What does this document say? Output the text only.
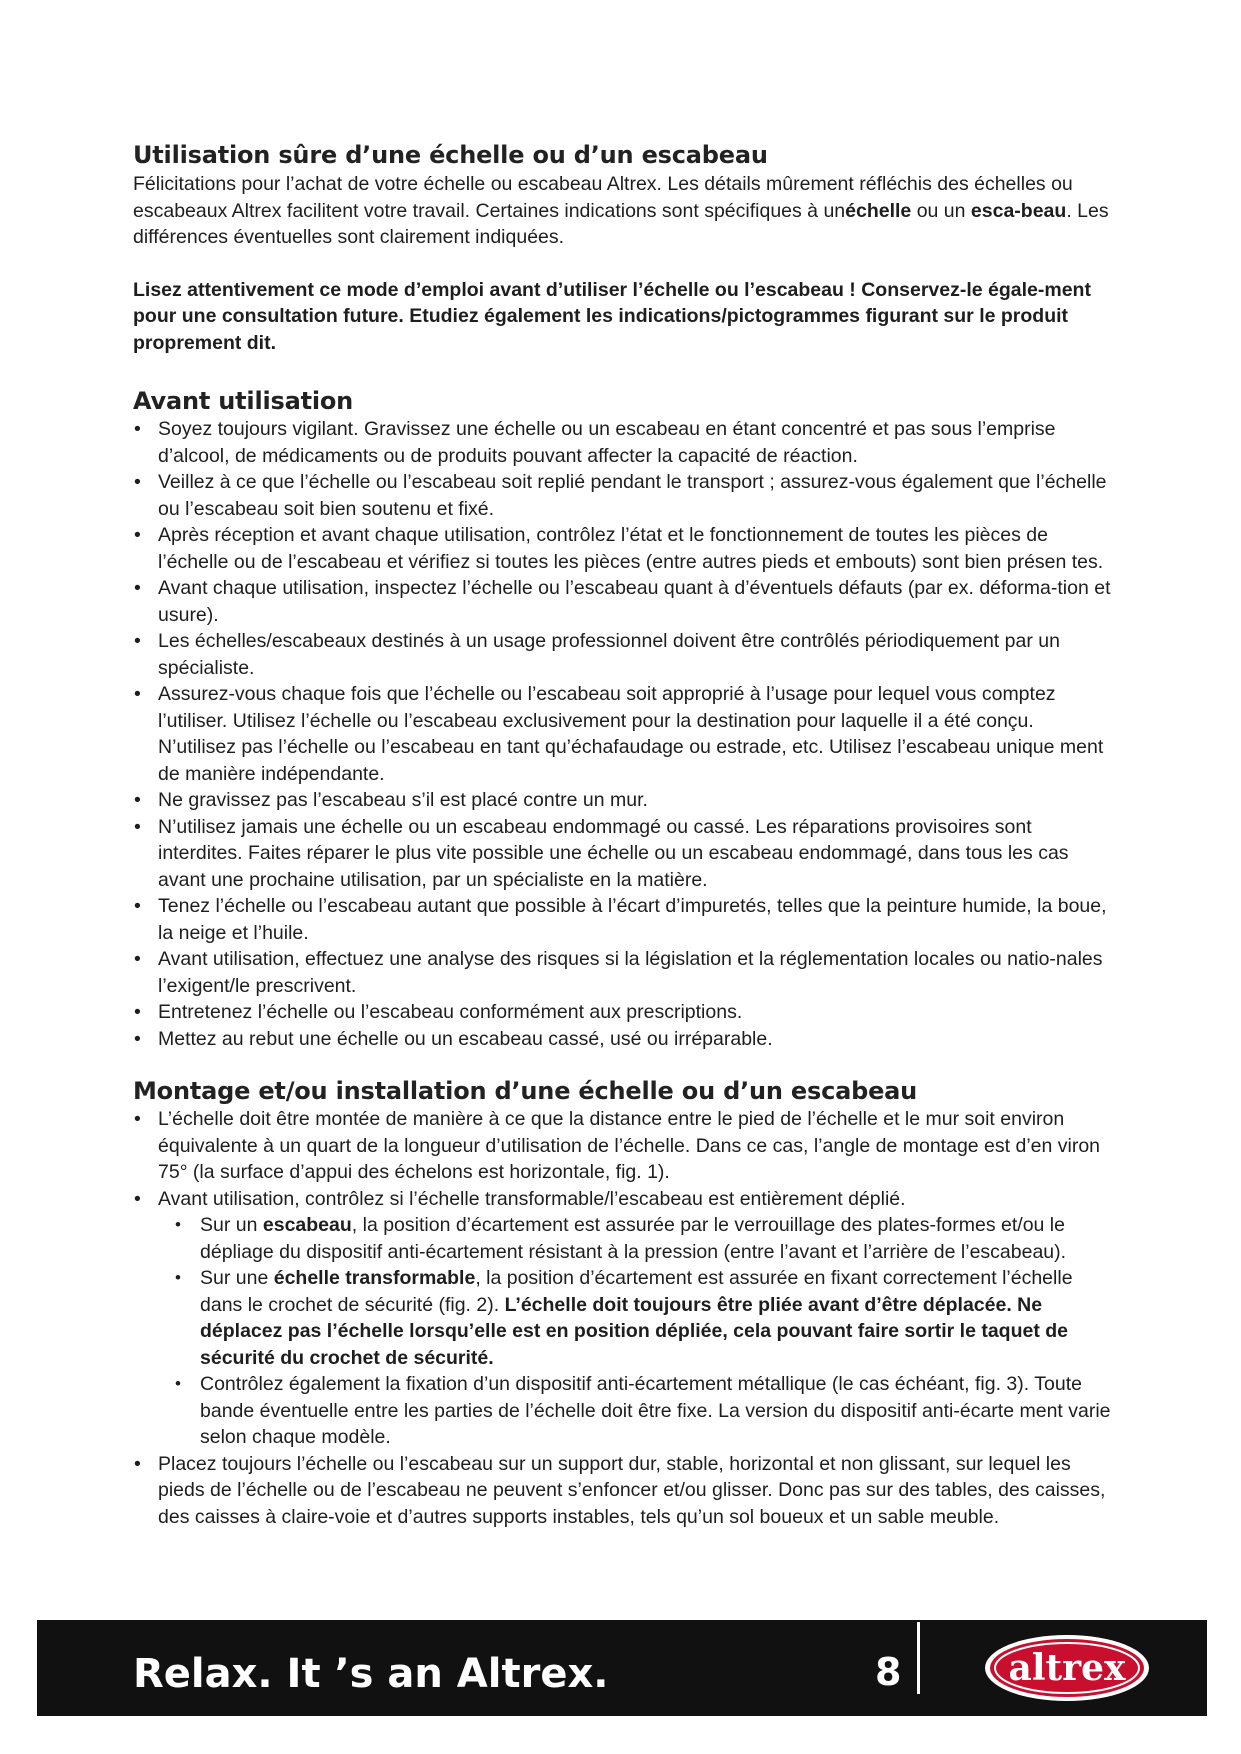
Utilisation sûre d’une échelle ou d’un escabeau

Félicitations pour l’achat de votre échelle ou escabeau Altrex. Les détails mûrement réfléchis des échelles ou escabeaux Altrex facilitent votre travail. Certaines indications sont spécifiques à unéchelle ou un esca-beau. Les différences éventuelles sont clairement indiquées.

Lisez attentivement ce mode d’emploi avant d’utiliser l’échelle ou l’escabeau ! Conservez-le égale-ment pour une consultation future. Etudiez également les indications/pictogrammes figurant sur le produit proprement dit.

Avant utilisation
• Soyez toujours vigilant. Gravissez une échelle ou un escabeau en étant concentré et pas sous l’emprise d’alcool, de médicaments ou de produits pouvant affecter la capacité de réaction.
• Veillez à ce que l’échelle ou l’escabeau soit replié pendant le transport ; assurez-vous également que l’échelle ou l’escabeau soit bien soutenu et fixé.
• Après réception et avant chaque utilisation, contrôlez l’état et le fonctionnement de toutes les pièces de l’échelle ou de l’escabeau et vérifiez si toutes les pièces (entre autres pieds et embouts) sont bien présen tes.
• Avant chaque utilisation, inspectez l’échelle ou l’escabeau quant à d’éventuels défauts (par ex. déforma-tion et usure).
• Les échelles/escabeaux destinés à un usage professionnel doivent être contrôlés périodiquement par un spécialiste.
• Assurez-vous chaque fois que l’échelle ou l’escabeau soit approprié à l’usage pour lequel vous comptez l’utiliser. Utilisez l’échelle ou l’escabeau exclusivement pour la destination pour laquelle il a été conçu. N’utilisez pas l’échelle ou l’escabeau en tant qu’échafaudage ou estrade, etc. Utilisez l’escabeau unique ment de manière indépendante.
• Ne gravissez pas l’escabeau s’il est placé contre un mur.
• N’utilisez jamais une échelle ou un escabeau endommagé ou cassé. Les réparations provisoires sont interdites. Faites réparer le plus vite possible une échelle ou un escabeau endommagé, dans tous les cas avant une prochaine utilisation, par un spécialiste en la matière.
• Tenez l’échelle ou l’escabeau autant que possible à l’écart d’impuretés, telles que la peinture humide, la boue, la neige et l’huile.
• Avant utilisation, effectuez une analyse des risques si la législation et la réglementation locales ou natio-nales l’exigent/le prescrivent.
• Entretenez l’échelle ou l’escabeau conformément aux prescriptions.
• Mettez au rebut une échelle ou un escabeau cassé, usé ou irréparable.
Montage et/ou installation d’une échelle ou d’un escabeau
• L’échelle doit être montée de manière à ce que la distance entre le pied de l’échelle et le mur soit environ équivalente à un quart de la longueur d’utilisation de l’échelle. Dans ce cas, l’angle de montage est d’en viron 75° (la surface d’appui des échelons est horizontale, fig. 1).
• Avant utilisation, contrôlez si l’échelle transformable/l’escabeau est entièrement déplié.
• Sur un escabeau, la position d’écartement est assurée par le verrouillage des plates-formes et/ou le dépliage du dispositif anti-écartement résistant à la pression (entre l’avant et l’arrière de l’escabeau).
• Sur une échelle transformable, la position d’écartement est assurée en fixant correctement l’échelle dans le crochet de sécurité (fig. 2). L’échelle doit toujours être pliée avant d’être déplacée. Ne déplacez pas l’échelle lorsqu’elle est en position dépliée, cela pouvant faire sortir le taquet de sécurité du crochet de sécurité.
• Contrôlez également la fixation d’un dispositif anti-écartement métallique (le cas échéant, fig. 3). Toute bande éventuelle entre les parties de l’échelle doit être fixe. La version du dispositif anti-écarte ment varie selon chaque modèle.
• Placez toujours l’échelle ou l’escabeau sur un support dur, stable, horizontal et non glissant, sur lequel les pieds de l’échelle ou de l’escabeau ne peuvent s’enfoncer et/ou glisser. Donc pas sur des tables, des caisses, des caisses à claire-voie et d’autres supports instables, tels qu’un sol boueux et un sable meuble.
Relax. It ’s an Altrex.	8	altrex
